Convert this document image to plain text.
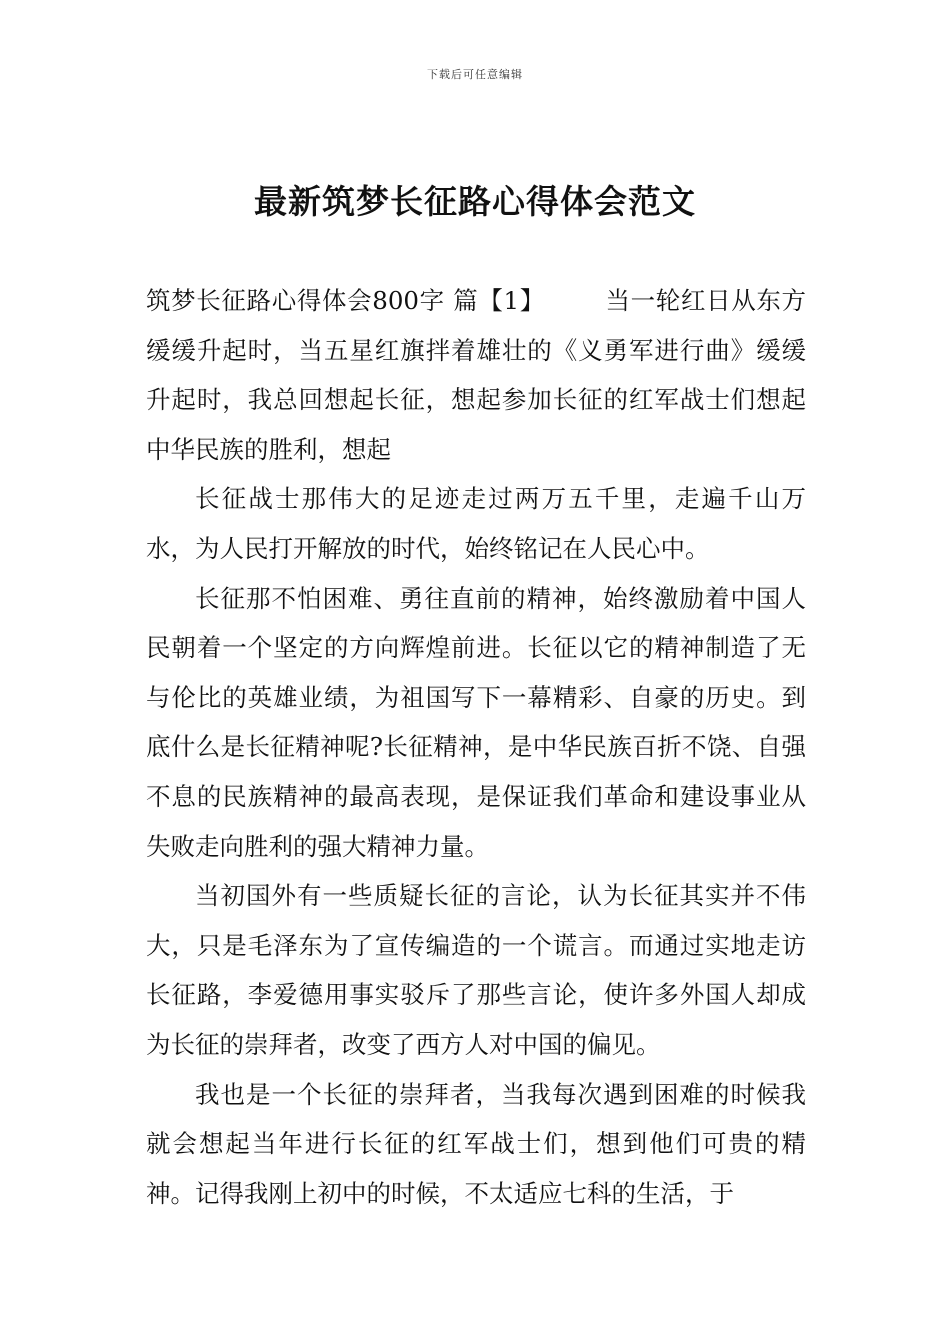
下载后可任意编辑
最新筑梦长征路心得体会范文

筑梦长征路心得体会800字 篇【1】 当一轮红日从东方缓缓升起时，当五星红旗拌着雄壮的《义勇军进行曲》缓缓升起时，我总回想起长征，想起参加长征的红军战士们想起中华民族的胜利，想起

长征战士那伟大的足迹走过两万五千里，走遍千山万水，为人民打开解放的时代，始终铭记在人民心中。

长征那不怕困难、勇往直前的精神，始终激励着中国人民朝着一个坚定的方向辉煌前进。长征以它的精神制造了无与伦比的英雄业绩，为祖国写下一幕精彩、自豪的历史。到底什么是长征精神呢?长征精神，是中华民族百折不饶、自强不息的民族精神的最高表现，是保证我们革命和建设事业从失败走向胜利的强大精神力量。

当初国外有一些质疑长征的言论，认为长征其实并不伟大，只是毛泽东为了宣传编造的一个谎言。而通过实地走访长征路，李爱德用事实驳斥了那些言论，使许多外国人却成为长征的崇拜者，改变了西方人对中国的偏见。

我也是一个长征的崇拜者，当我每次遇到困难的时候我就会想起当年进行长征的红军战士们，想到他们可贵的精神。记得我刚上初中的时候，不太适应七科的生活，于
